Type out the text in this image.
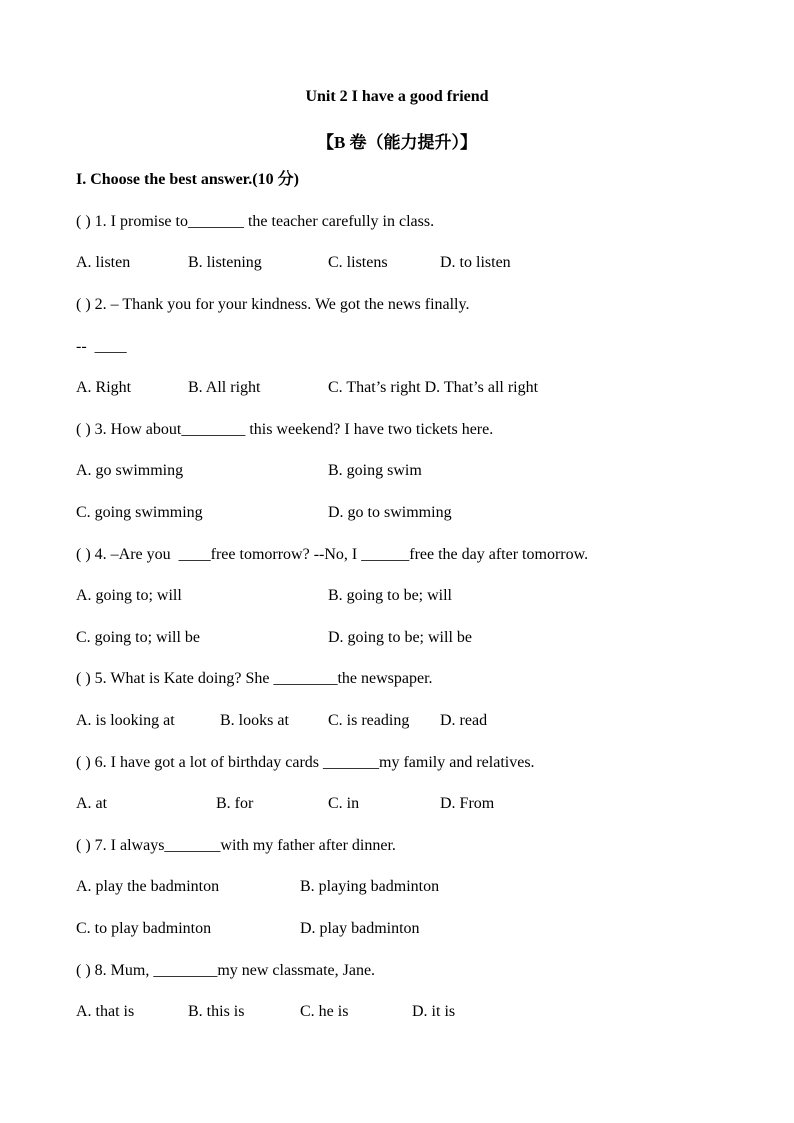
Unit 2 I have a good friend
【B 卷（能力提升）】
I. Choose the best answer.(10 分)
( ) 1. I promise to_______ the teacher carefully in class.
A. listen	B. listening	C. listens	D. to listen
( ) 2. – Thank you for your kindness. We got the news finally.
--  ____
A. Right	B. All right	C. That’s right D. That’s all right
( ) 3. How about________ this weekend? I have two tickets here.
A. go swimming	B. going swim
C. going swimming	D. go to swimming
( ) 4. –Are you  ____free tomorrow? --No, I ______free the day after tomorrow.
A. going to; will	B. going to be; will
C. going to; will be	D. going to be; will be
( ) 5. What is Kate doing? She ________the newspaper.
A. is looking at	B. looks at C. is reading D. read
( ) 6. I have got a lot of birthday cards _______my family and relatives.
A. at	B. for	C. in	D. From
( ) 7. I always_______with my father after dinner.
A. play the badminton	B. playing badminton
C. to play badminton	D. play badminton
( ) 8. Mum, ________my new classmate, Jane.
A. that is	B. this is	C. he is	D. it is
